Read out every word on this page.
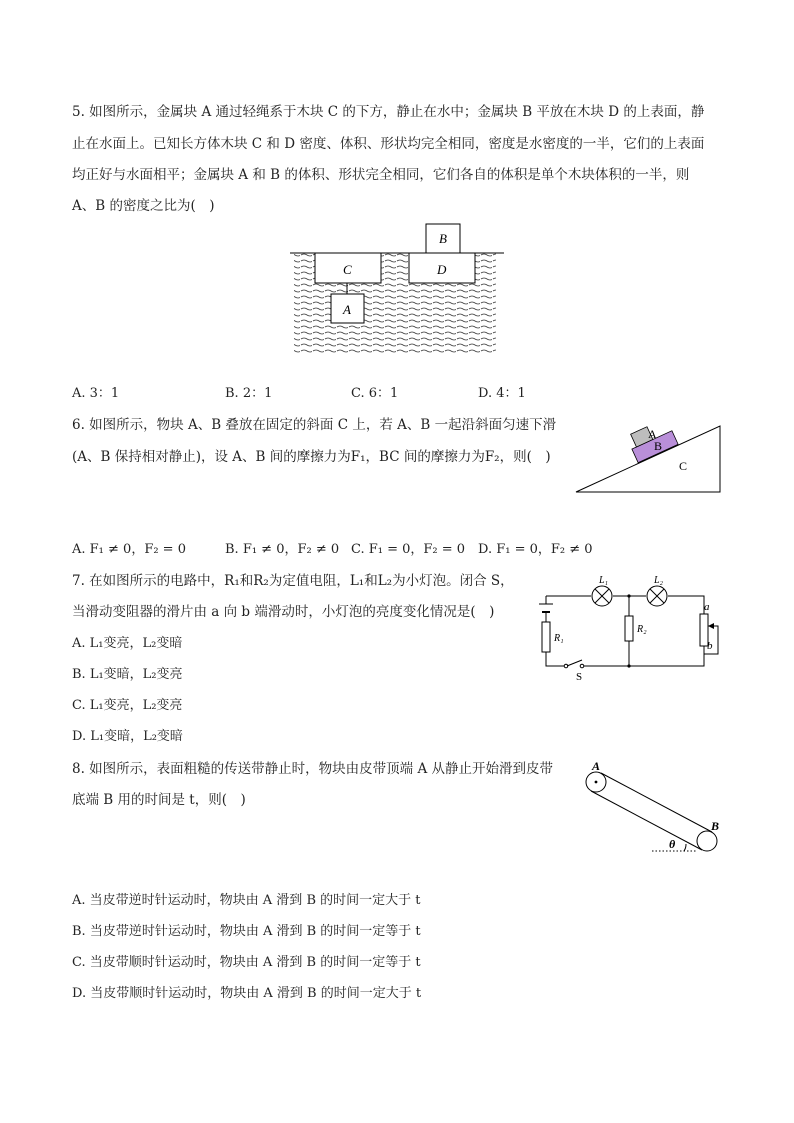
5. 如图所示，金属块 A 通过轻绳系于木块 C 的下方，静止在水中；金属块 B 平放在木块 D 的上表面，静
止在水面上。已知长方体木块 C 和 D 密度、体积、形状均完全相同，密度是水密度的一半，它们的上表面
均正好与水面相平；金属块 A 和 B 的体积、形状完全相同，它们各自的体积是单个木块体积的一半，则
A、B 的密度之比为(　)
C	D
B
A
A. 3：1	B. 2：1	C. 6：1	D. 4：1
6. 如图所示，物块 A、B 叠放在固定的斜面 C 上，若 A、B 一起沿斜面匀速下滑
(A、B 保持相对静止)，设 A、B 间的摩擦力为F₁，BC 间的摩擦力为F₂，则(　)
A
B
C
A. F₁ ≠ 0，F₂ = 0	B. F₁ ≠ 0，F₂ ≠ 0 C. F₁ = 0，F₂ = 0 D. F₁ = 0，F₂ ≠ 0
7. 在如图所示的电路中，R₁和R₂为定值电阻，L₁和L₂为小灯泡。闭合 S，
当滑动变阻器的滑片由 a 向 b 端滑动时，小灯泡的亮度变化情况是(　)
A. L₁变亮，L₂变暗
B. L₁变暗，L₂变亮
C. L₁变亮，L₂变亮
D. L₁变暗，L₂变暗
L₁	L₂
R₁
R₂
a
b
S
8. 如图所示，表面粗糙的传送带静止时，物块由皮带顶端 A 从静止开始滑到皮带
底端 B 用的时间是 t，则(　)
A
B
θ
A. 当皮带逆时针运动时，物块由 A 滑到 B 的时间一定大于 t
B. 当皮带逆时针运动时，物块由 A 滑到 B 的时间一定等于 t
C. 当皮带顺时针运动时，物块由 A 滑到 B 的时间一定等于 t
D. 当皮带顺时针运动时，物块由 A 滑到 B 的时间一定大于 t
